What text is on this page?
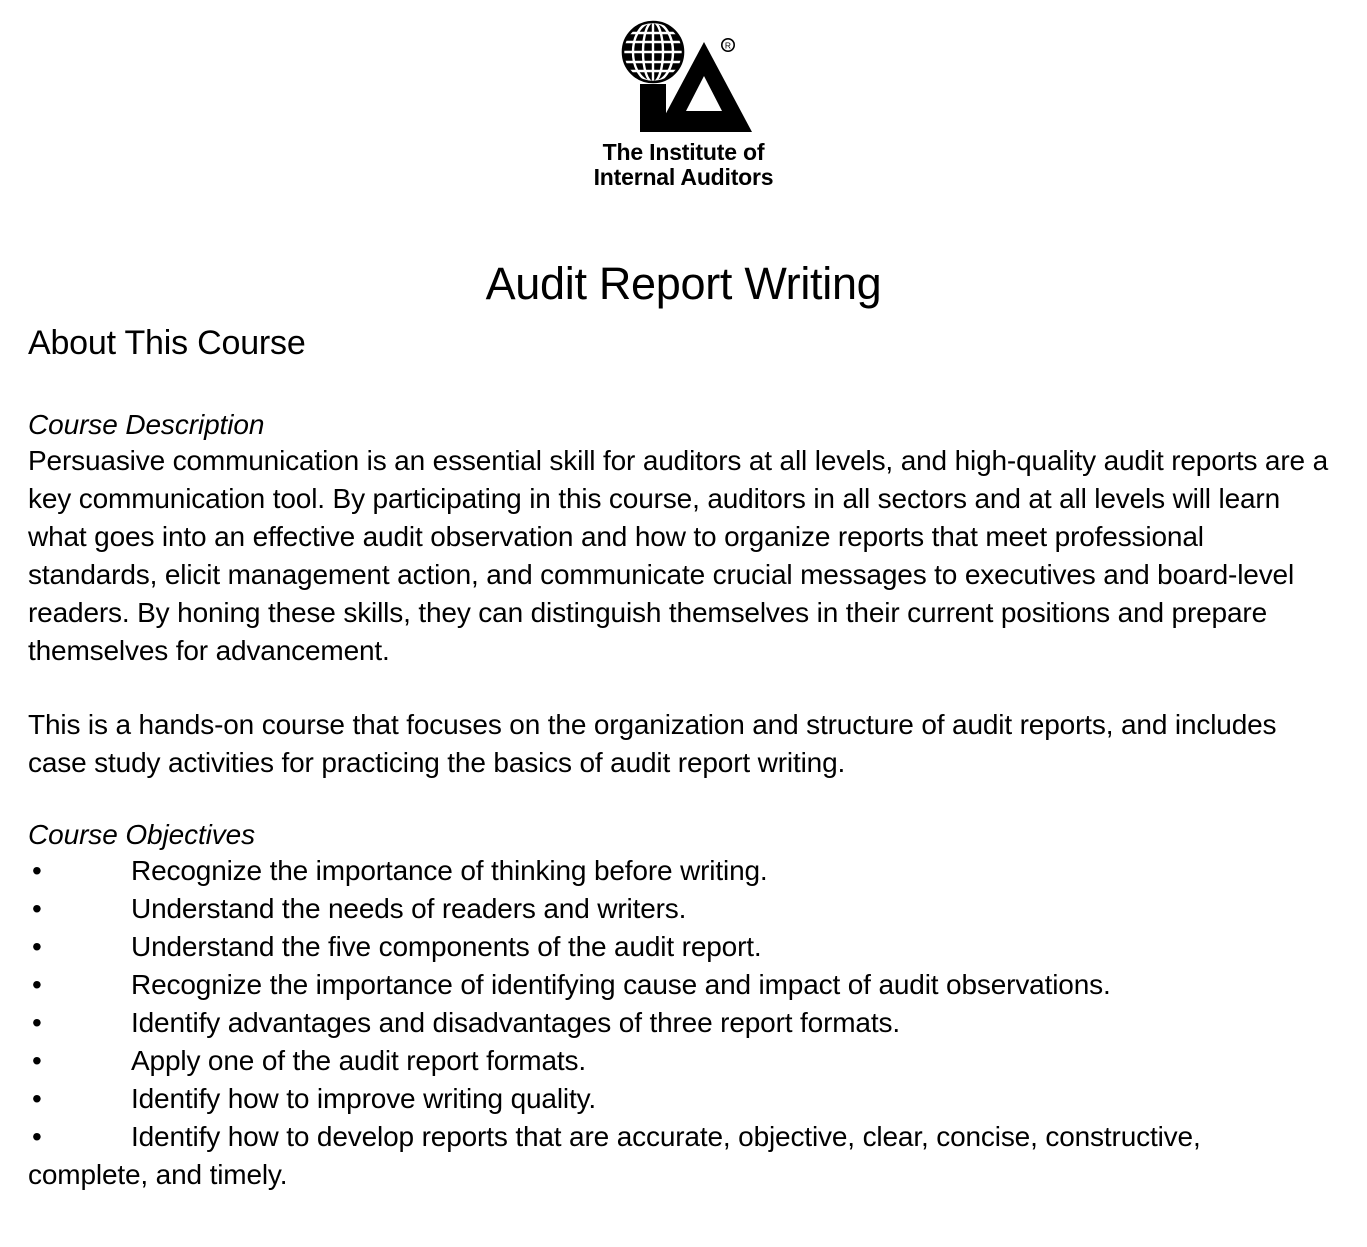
R
The Institute of
Internal Auditors
Audit Report Writing
About This Course
Course Description

Persuasive communication is an essential skill for auditors at all levels, and high-quality audit reports are a key communication tool. By participating in this course, auditors in all sectors and at all levels will learn what goes into an effective audit observation and how to organize reports that meet professional standards, elicit management action, and communicate crucial messages to executives and board-level readers. By honing these skills, they can distinguish themselves in their current positions and prepare themselves for advancement.

This is a hands-on course that focuses on the organization and structure of audit reports, and includes case study activities for practicing the basics of audit report writing.

Course Objectives
•	Recognize the importance of thinking before writing.
•	Understand the needs of readers and writers.
•	Understand the five components of the audit report.
•	Recognize the importance of identifying cause and impact of audit observations.
•	Identify advantages and disadvantages of three report formats.
•	Apply one of the audit report formats.
•	Identify how to improve writing quality.
•	Identify how to develop reports that are accurate, objective, clear, concise, constructive, complete, and timely.
